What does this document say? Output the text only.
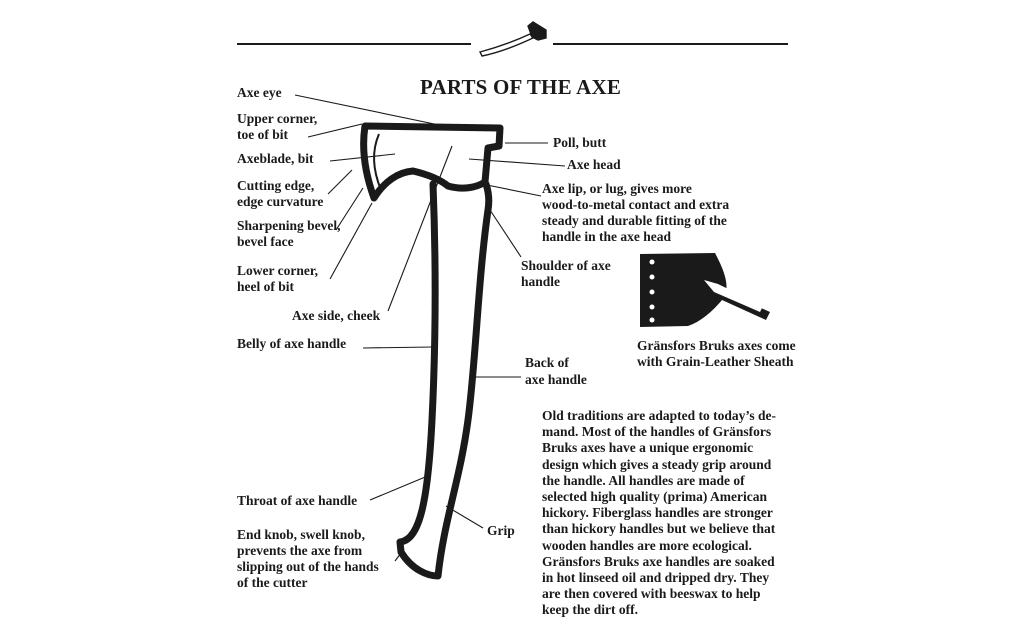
PARTS OF THE AXE
Axe eye
Upper corner,
toe of bit
Axeblade, bit
Cutting edge,
edge curvature
Sharpening bevel,
bevel face
Lower corner,
heel of bit
Axe side, cheek
Belly of axe handle
Throat of axe handle
End knob, swell knob,
prevents the axe from
slipping out of the hands
of the cutter
Poll, butt
Axe head
Axe lip, or lug, gives more
wood-to-metal contact and extra
steady and durable fitting of the
handle in the axe head
Shoulder of axe
handle
Back of
axe handle
Grip
Gränsfors Bruks axes come
with Grain-Leather Sheath
Old traditions are adapted to today’s de-
mand. Most of the handles of Gränsfors
Bruks axes have a unique ergonomic
design which gives a steady grip around
the handle. All handles are made of
selected high quality (prima) American
hickory. Fiberglass handles are stronger
than hickory handles but we believe that
wooden handles are more ecological.
Gränsfors Bruks axe handles are soaked
in hot linseed oil and dripped dry. They
are then covered with beeswax to help
keep the dirt off.
